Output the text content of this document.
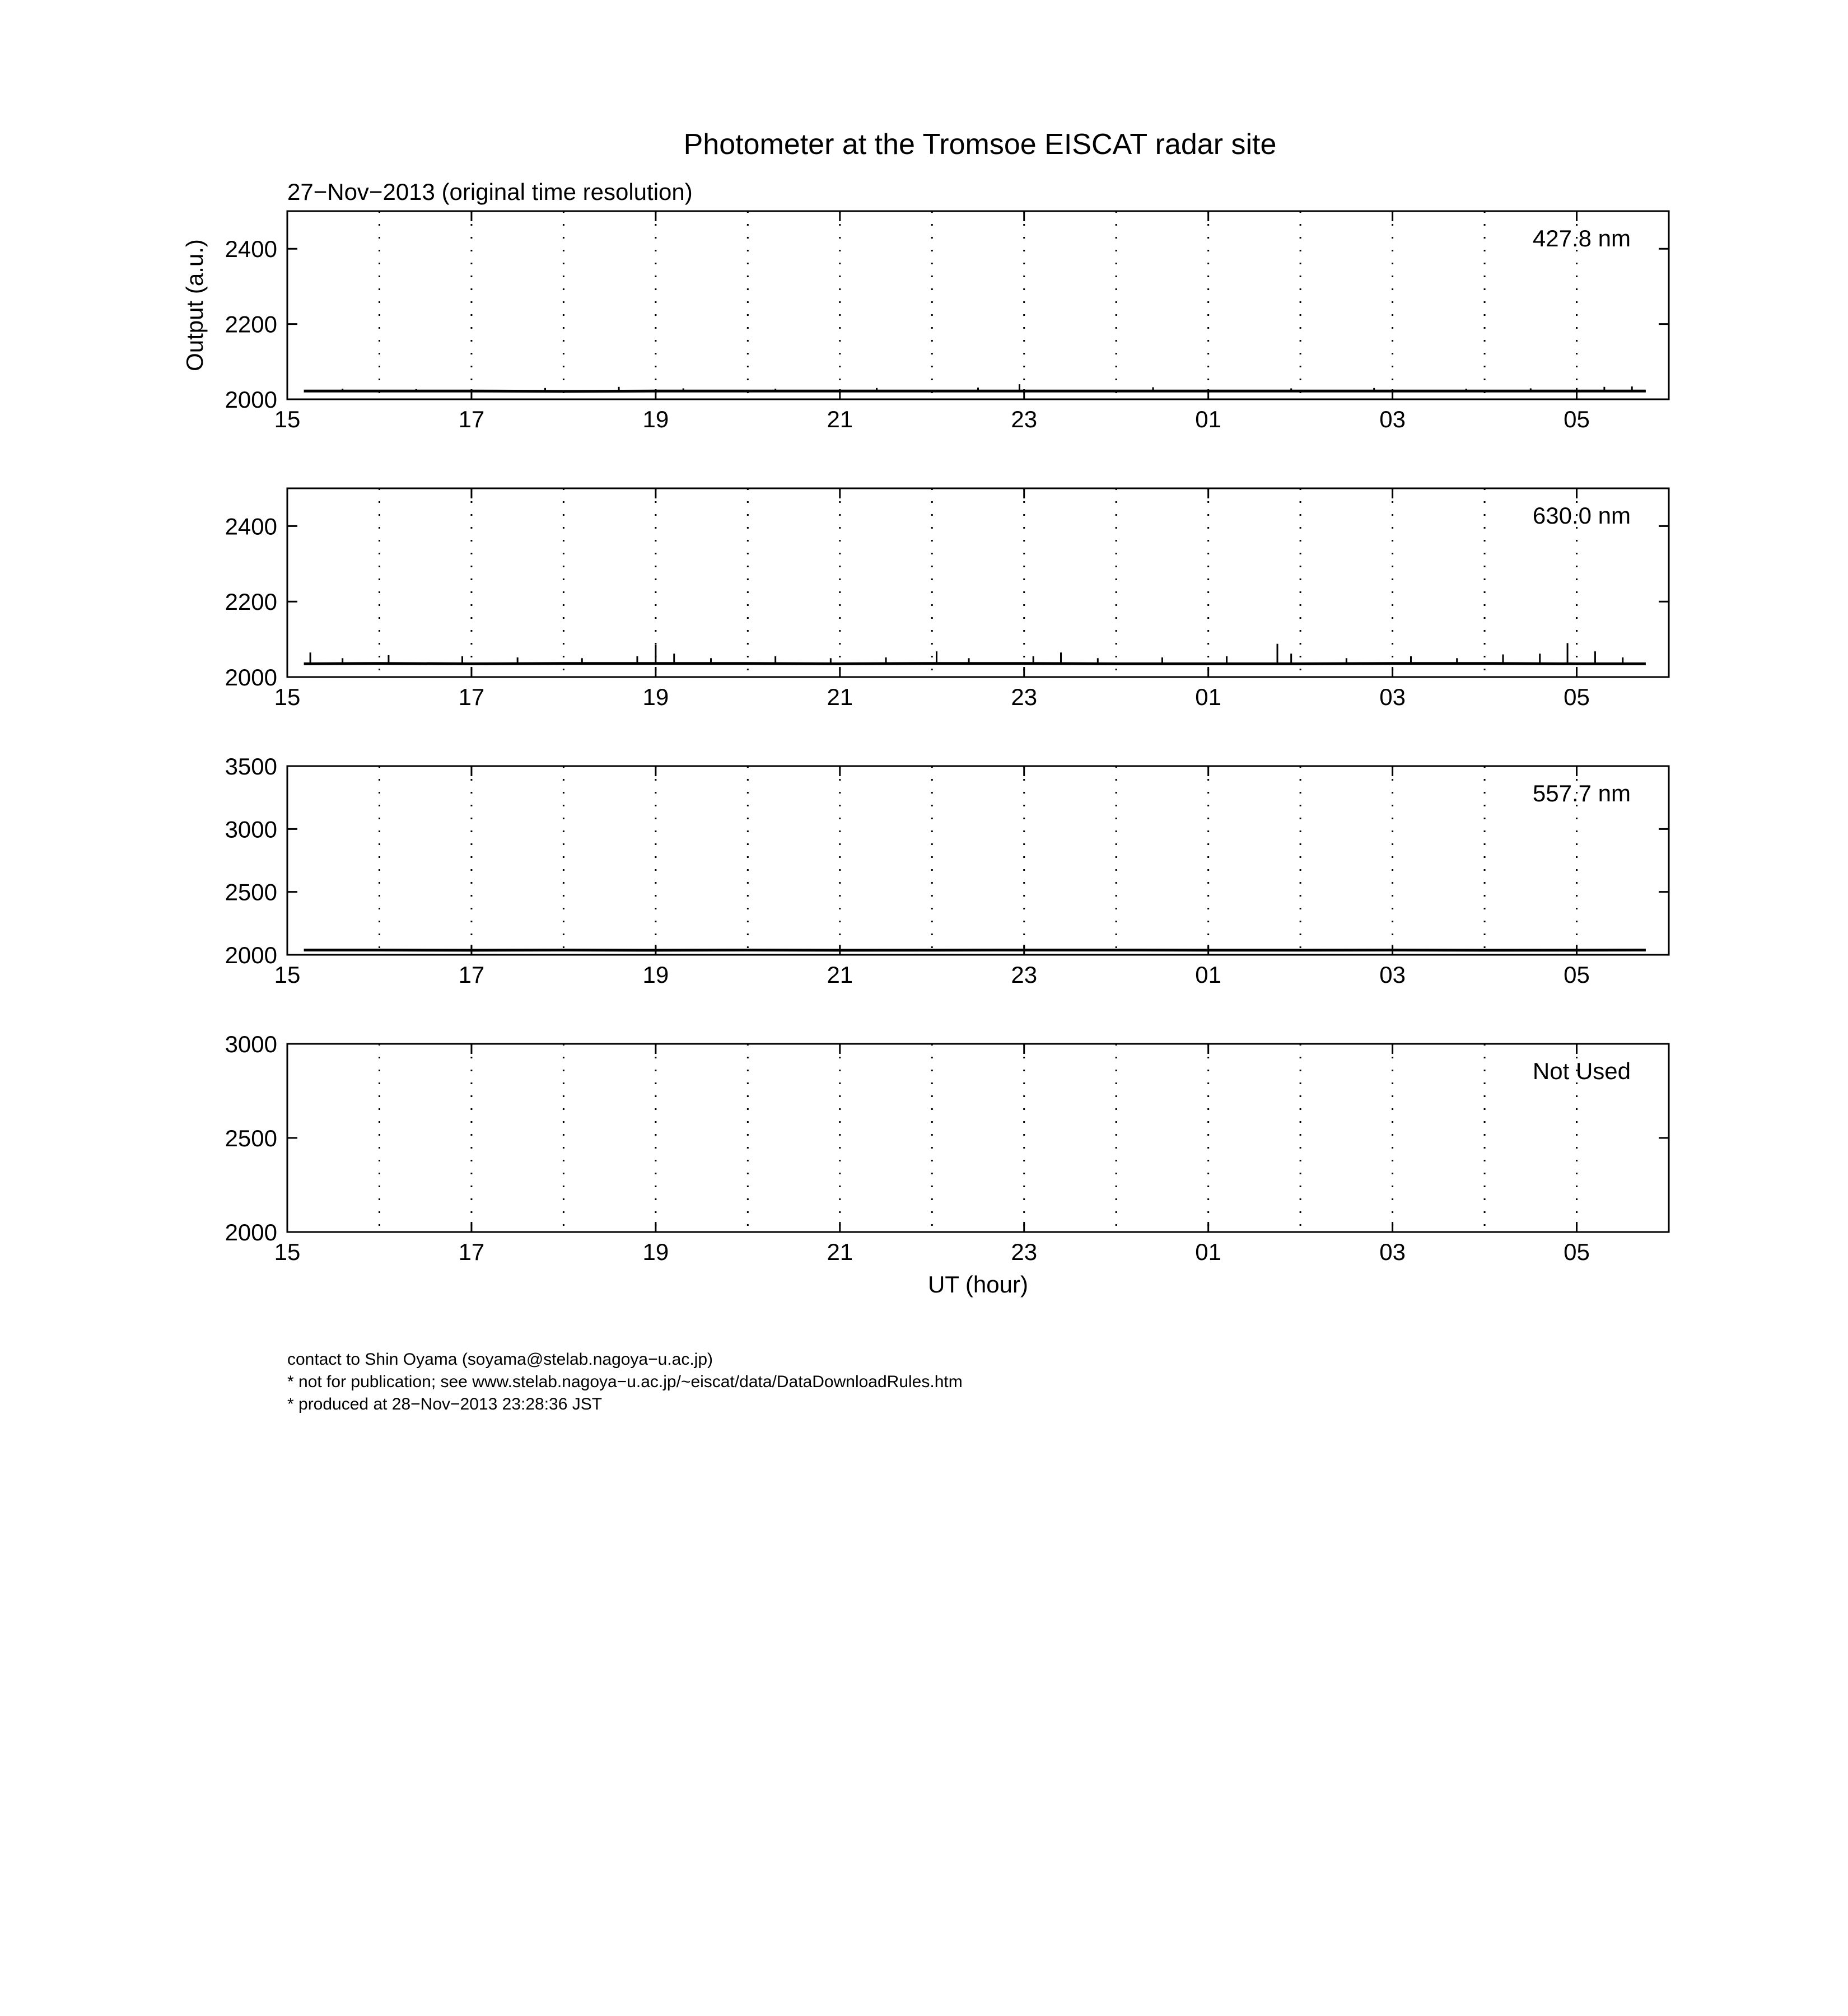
Photometer at the Tromsoe EISCAT radar site
27−Nov−2013 (original time resolution)
15	17	19	21	23	01	03	05
2000
2200
2400	427.8 nm
Output (a.u.)
15	17	19	21	23	01	03	05
2000
2200
2400	630.0 nm
15	17	19	21	23	01	03	05
2000
2500
3000
3500
557.7 nm
15	17	19	21	23	01	03	05
2000
2500
3000
Not Used
UT (hour)
contact to Shin Oyama (soyama@stelab.nagoya−u.ac.jp)
* not for publication; see www.stelab.nagoya−u.ac.jp/~eiscat/data/DataDownloadRules.htm
* produced at 28−Nov−2013 23:28:36 JST
